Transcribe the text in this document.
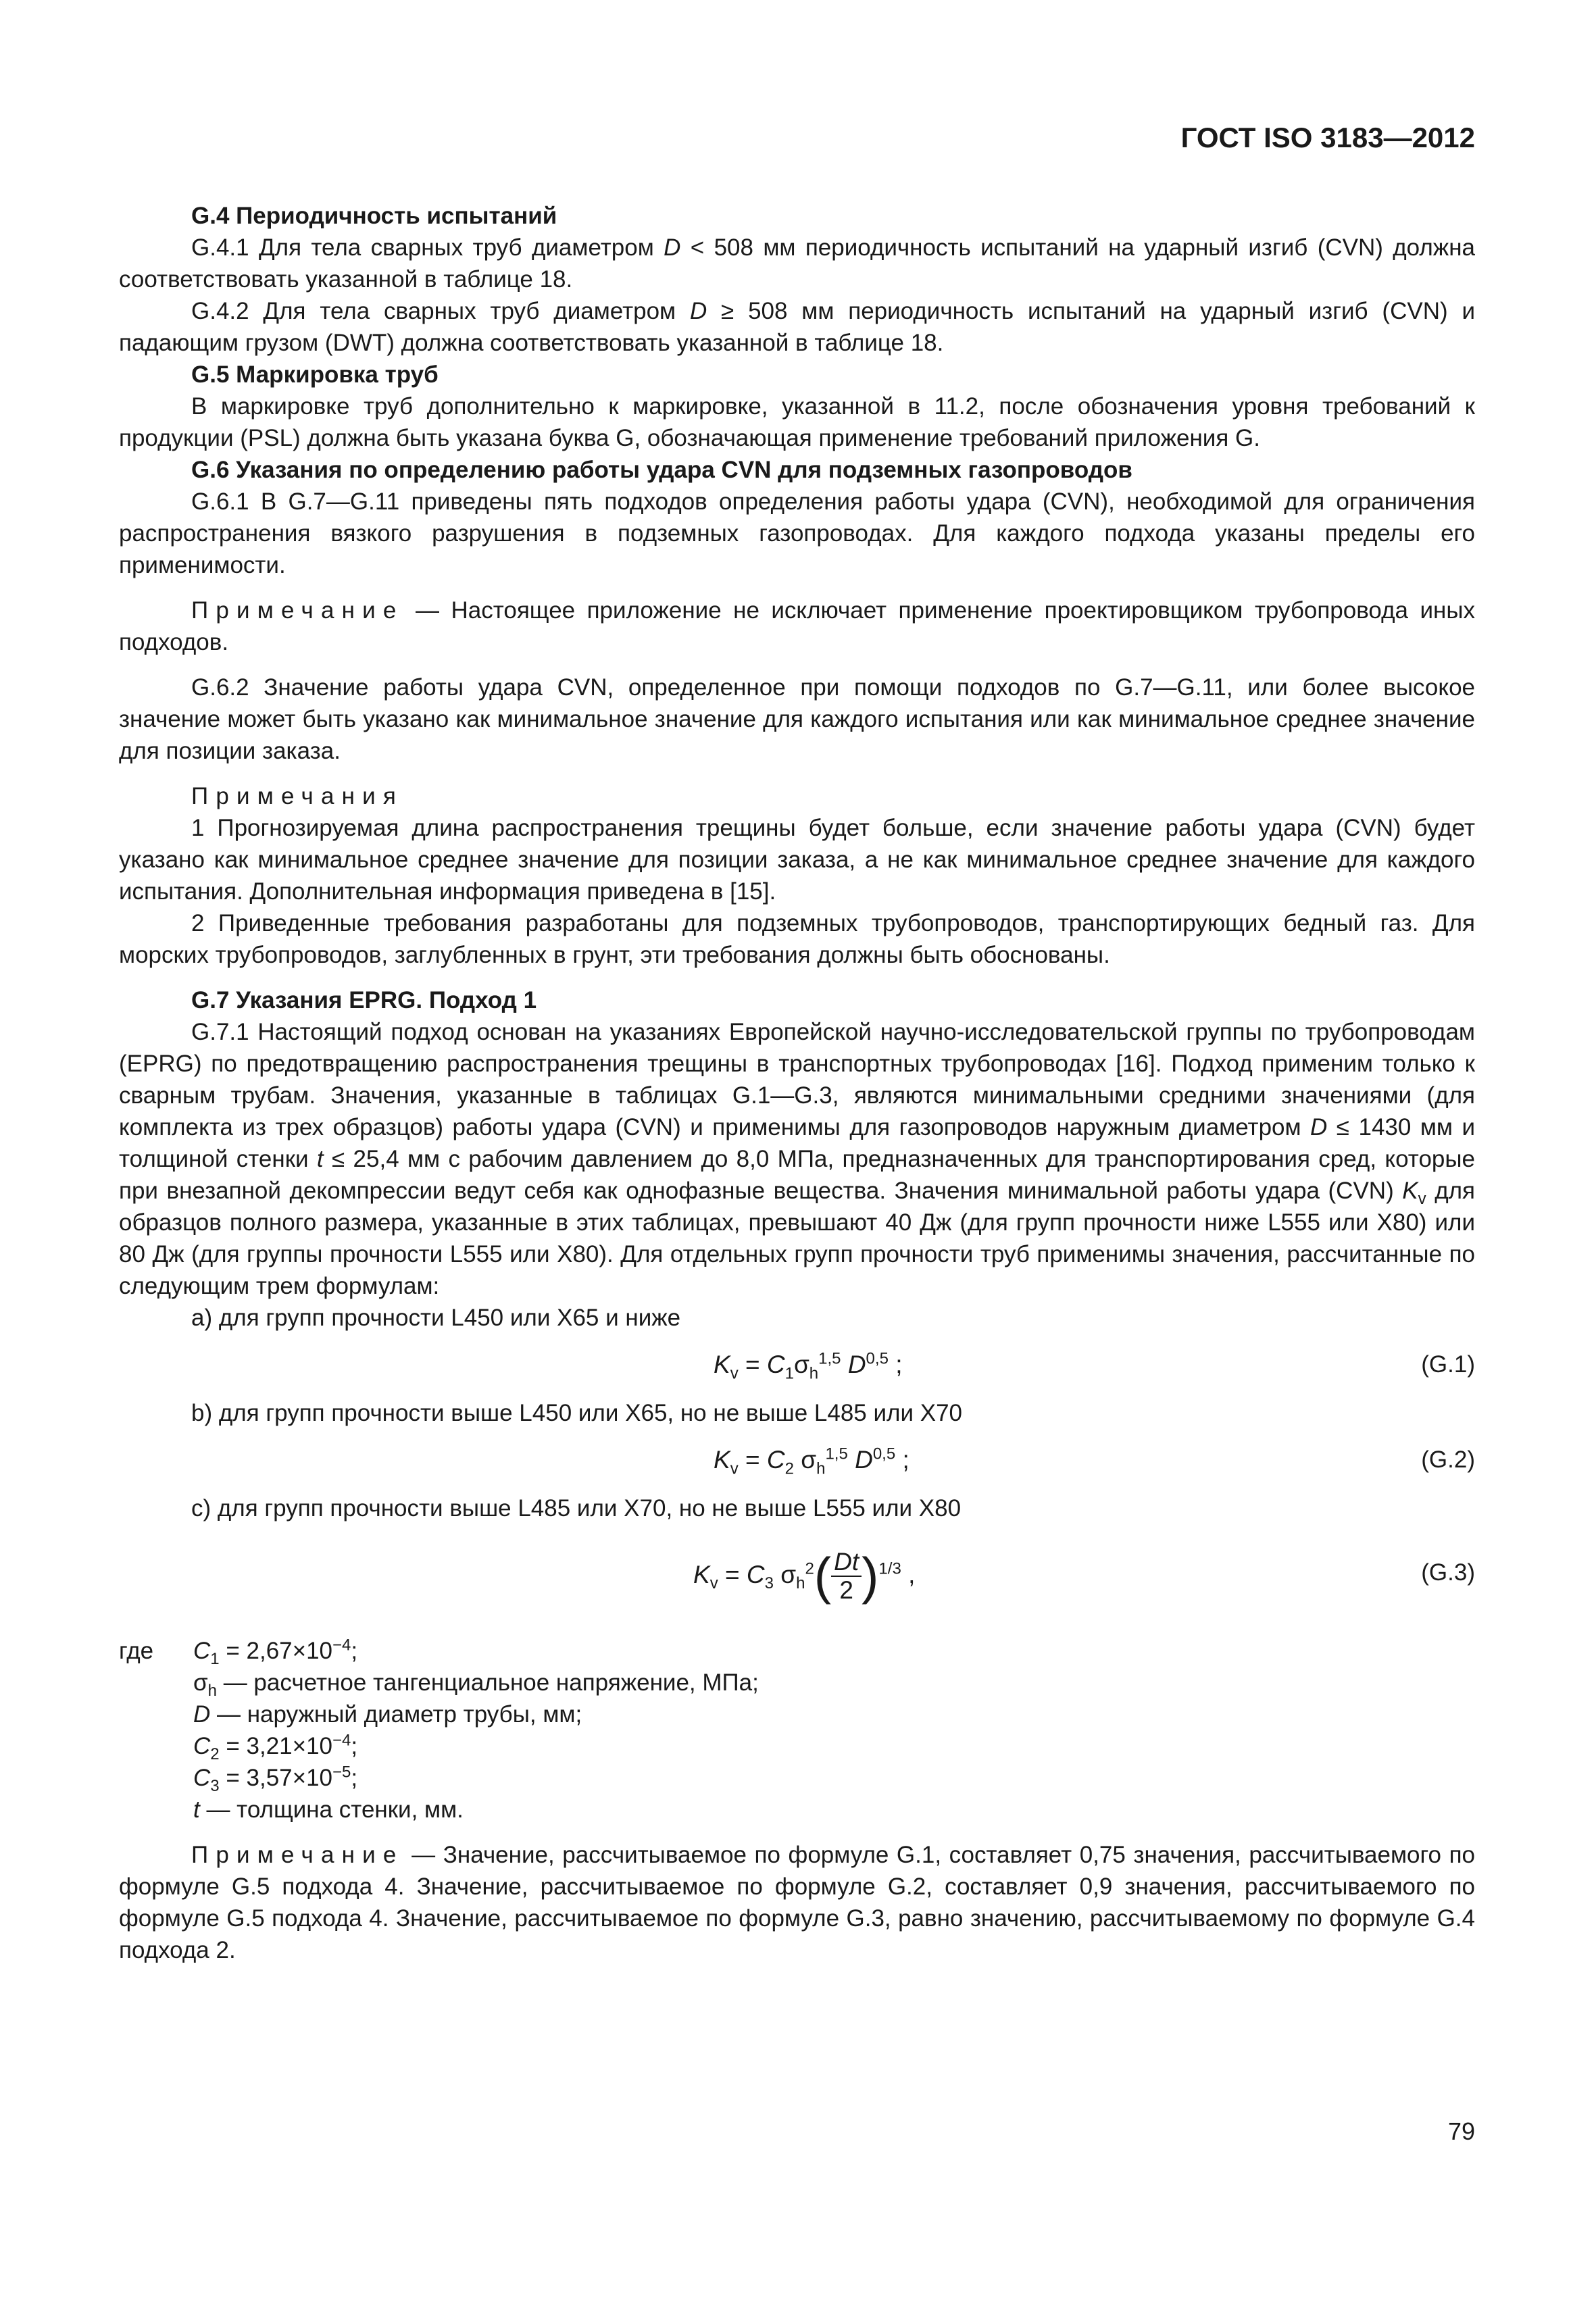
ГОСТ ISO 3183—2012

G.4 Периодичность испытаний

G.4.1 Для тела сварных труб диаметром D < 508 мм периодичность испытаний на ударный изгиб (CVN) должна соответствовать указанной в таблице 18.

G.4.2 Для тела сварных труб диаметром D ≥ 508 мм периодичность испытаний на ударный изгиб (CVN) и падающим грузом (DWT) должна соответствовать указанной в таблице 18.

G.5 Маркировка труб

В маркировке труб дополнительно к маркировке, указанной в 11.2, после обозначения уровня требований к продукции (PSL) должна быть указана буква G, обозначающая применение требований приложения G.

G.6 Указания по определению работы удара CVN для подземных газопроводов

G.6.1 В G.7—G.11 приведены пять подходов определения работы удара (CVN), необходимой для ограничения распространения вязкого разрушения в подземных газопроводах. Для каждого подхода указаны пределы его применимости.

Примечание — Настоящее приложение не исключает применение проектировщиком трубопровода иных подходов.

G.6.2 Значение работы удара CVN, определенное при помощи подходов по G.7—G.11, или более высокое значение может быть указано как минимальное значение для каждого испытания или как минимальное среднее значение для позиции заказа.

Примечания

1 Прогнозируемая длина распространения трещины будет больше, если значение работы удара (CVN) будет указано как минимальное среднее значение для позиции заказа, а не как минимальное среднее значение для каждого испытания. Дополнительная информация приведена в [15].

2 Приведенные требования разработаны для подземных трубопроводов, транспортирующих бедный газ. Для морских трубопроводов, заглубленных в грунт, эти требования должны быть обоснованы.

G.7 Указания EPRG. Подход 1

G.7.1 Настоящий подход основан на указаниях Европейской научно-исследовательской группы по трубопроводам (EPRG) по предотвращению распространения трещины в транспортных трубопроводах [16]. Подход применим только к сварным трубам. Значения, указанные в таблицах G.1—G.3, являются минимальными средними значениями (для комплекта из трех образцов) работы удара (CVN) и применимы для газопроводов наружным диаметром D ≤ 1430 мм и толщиной стенки t ≤ 25,4 мм с рабочим давлением до 8,0 МПа, предназначенных для транспортирования сред, которые при внезапной декомпрессии ведут себя как однофазные вещества. Значения минимальной работы удара (CVN) $K_v$ для образцов полного размера, указанные в этих таблицах, превышают 40 Дж (для групп прочности ниже L555 или X80) или 80 Дж (для группы прочности L555 или X80). Для отдельных групп прочности труб применимы значения, рассчитанные по следующим трем формулам:

a) для групп прочности L450 или X65 и ниже

$K_v = C_1\sigma_h^{1,5}$ D$^{0,5}$ ;	(G.1)

b) для групп прочности выше L450 или X65, но не выше L485 или X70

$K_v = C_2$ $\sigma_h^{1,5}$ D$^{0,5}$ ;	(G.2)

c) для групп прочности выше L485 или X70, но не выше L555 или X80

$K_v = C_3$ $\sigma_h^2( \frac{Dt}{2} )^{1/3}$ ,	(G.3)
где $C_1 = 2,67\times 10^{-4}$;
$\sigma_h$ — расчетное тангенциальное напряжение, МПа;
D — наружный диаметр трубы, мм;
$C_2 = 3,21\times 10^{-4}$;
$C_3 = 3,57\times 10^{-5}$;
t — толщина стенки, мм.

Примечание — Значение, рассчитываемое по формуле G.1, составляет 0,75 значения, рассчитываемого по формуле G.5 подхода 4. Значение, рассчитываемое по формуле G.2, составляет 0,9 значения, рассчитываемого по формуле G.5 подхода 4. Значение, рассчитываемое по формуле G.3, равно значению, рассчитываемому по формуле G.4 подхода 2.

79
